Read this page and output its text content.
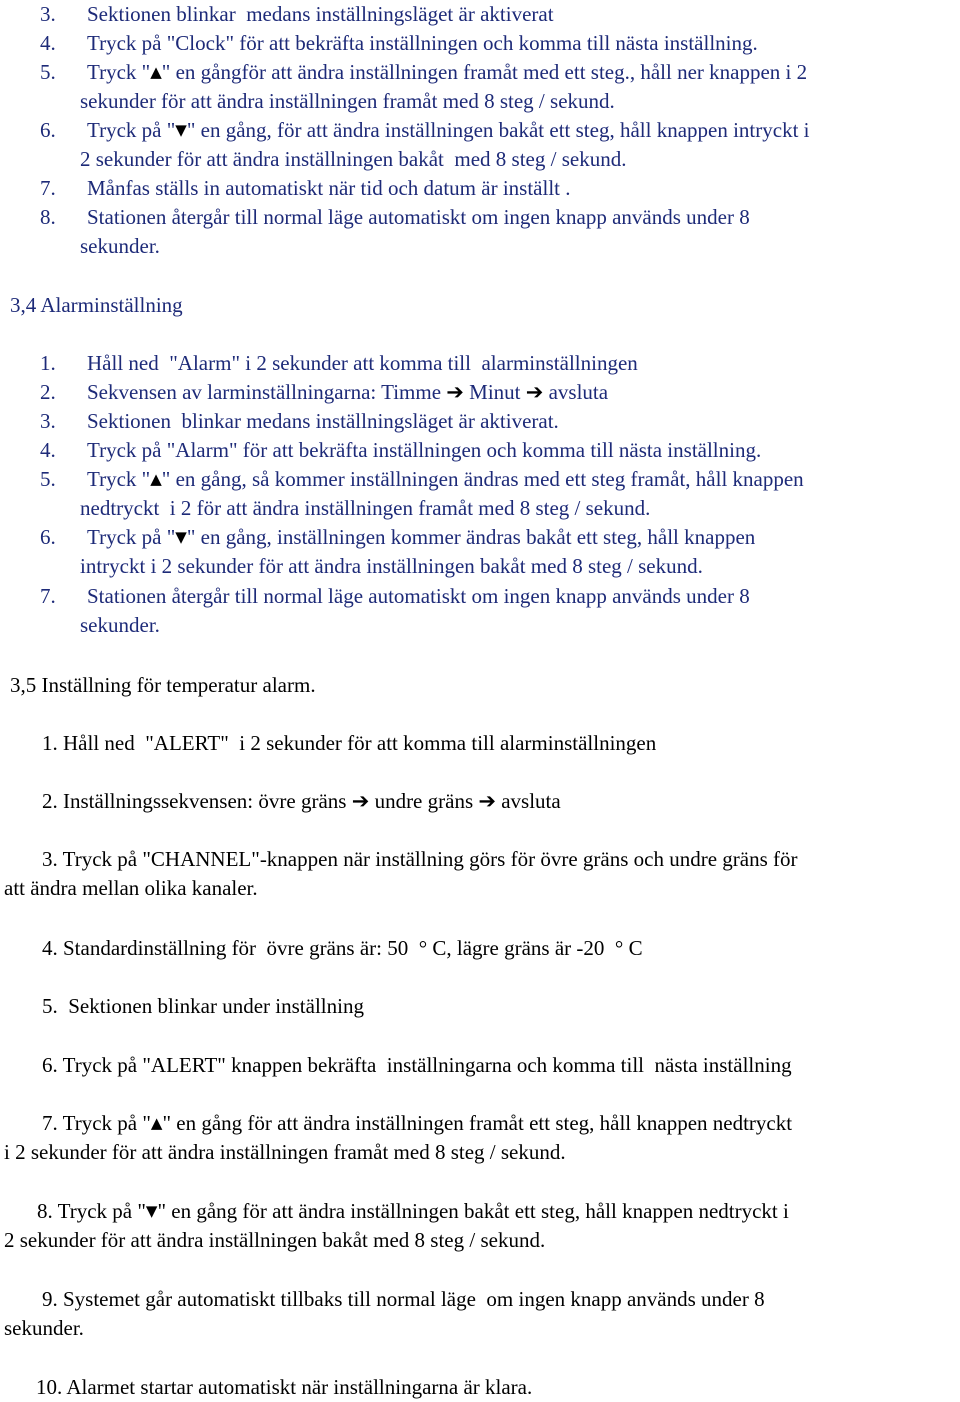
3. Sektionen blinkar  medans inställningsläget är aktiverat
4. Tryck på "Clock" för att bekräfta inställningen och komma till nästa inställning.
5. Tryck "▲" en gångför att ändra inställningen framåt med ett steg., håll ner knappen i 2
sekunder för att ändra inställningen framåt med 8 steg / sekund.
6. Tryck på "▼" en gång, för att ändra inställningen bakåt ett steg, håll knappen intryckt i
2 sekunder för att ändra inställningen bakåt  med 8 steg / sekund.
7. Månfas ställs in automatiskt när tid och datum är inställt .
8. Stationen återgår till normal läge automatiskt om ingen knapp används under 8
sekunder.
3,4 Alarminställning
1. Håll ned  "Alarm" i 2 sekunder att komma till  alarminställningen
2. Sekvensen av larminställningarna: Timme ➔ Minut ➔ avsluta
3. Sektionen  blinkar medans inställningsläget är aktiverat.
4. Tryck på "Alarm" för att bekräfta inställningen och komma till nästa inställning.
5. Tryck "▲" en gång, så kommer inställningen ändras med ett steg framåt, håll knappen
nedtryckt  i 2 för att ändra inställningen framåt med 8 steg / sekund.
6. Tryck på "▼" en gång, inställningen kommer ändras bakåt ett steg, håll knappen
intryckt i 2 sekunder för att ändra inställningen bakåt med 8 steg / sekund.
7. Stationen återgår till normal läge automatiskt om ingen knapp används under 8
sekunder.
3,5 Inställning för temperatur alarm.
1. Håll ned  "ALERT"  i 2 sekunder för att komma till alarminställningen
2. Inställningssekvensen: övre gräns ➔ undre gräns ➔ avsluta
3. Tryck på "CHANNEL"-knappen när inställning görs för övre gräns och undre gräns för
att ändra mellan olika kanaler.
4. Standardinställning för  övre gräns är: 50  ° C, lägre gräns är -20  ° C
5.  Sektionen blinkar under inställning
6. Tryck på "ALERT" knappen bekräfta  inställningarna och komma till  nästa inställning
7. Tryck på "▲" en gång för att ändra inställningen framåt ett steg, håll knappen nedtryckt
i 2 sekunder för att ändra inställningen framåt med 8 steg / sekund.
8. Tryck på "▼" en gång för att ändra inställningen bakåt ett steg, håll knappen nedtryckt i
2 sekunder för att ändra inställningen bakåt med 8 steg / sekund.
9. Systemet går automatiskt tillbaks till normal läge  om ingen knapp används under 8
sekunder.
10. Alarmet startar automatiskt när inställningarna är klara.
